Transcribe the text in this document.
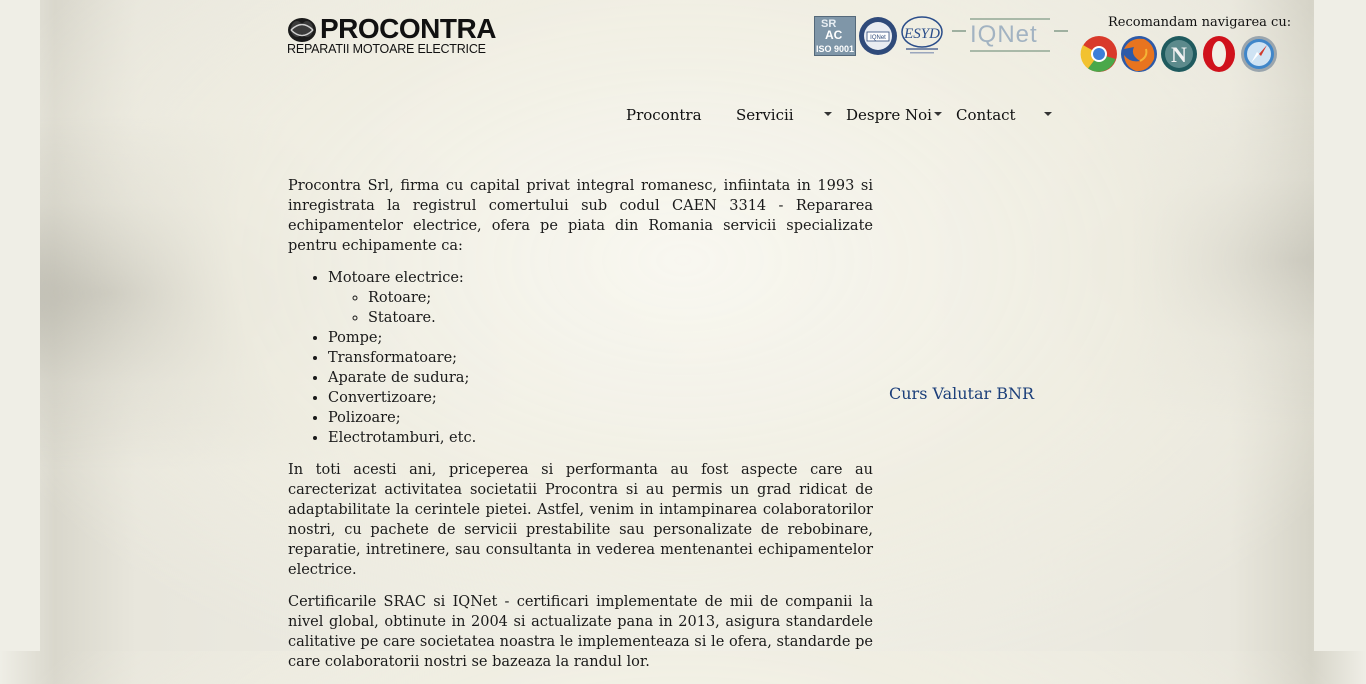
PROCONTRA
REPARATII MOTOARE ELECTRICE
SR
AC
ISO 9001
IQNet ESYD IQNet	Recomandam navigarea cu:
N
Procontra Servicii	Despre Noi Contact

Procontra Srl, firma cu capital privat integral romanesc, infiintata in 1993 si inregistrata la registrul comertului sub codul CAEN 3314 - Repararea echipamentelor electrice, ofera pe piata din Romania servicii specializate pentru echipamente ca:

• Motoare electrice:
◦ Rotoare;
◦ Statoare.
• Pompe;
• Transformatoare;
• Aparate de sudura;
• Convertizoare;
• Polizoare;
• Electrotamburi, etc.

In toti acesti ani, priceperea si performanta au fost aspecte care au carecterizat activitatea societatii Procontra si au permis un grad ridicat de adaptabilitate la cerintele pietei. Astfel, venim in intampinarea colaboratorilor nostri, cu pachete de servicii prestabilite sau personalizate de rebobinare, reparatie, intretinere, sau consultanta in vederea mentenantei echipamentelor electrice.

Certificarile SRAC si IQNet - certificari implementate de mii de companii la nivel global, obtinute in 2004 si actualizate pana in 2013, asigura standardele calitative pe care societatea noastra le implementeaza si le ofera, standarde pe care colaboratorii nostri se bazeaza la randul lor.

Curs Valutar BNR
